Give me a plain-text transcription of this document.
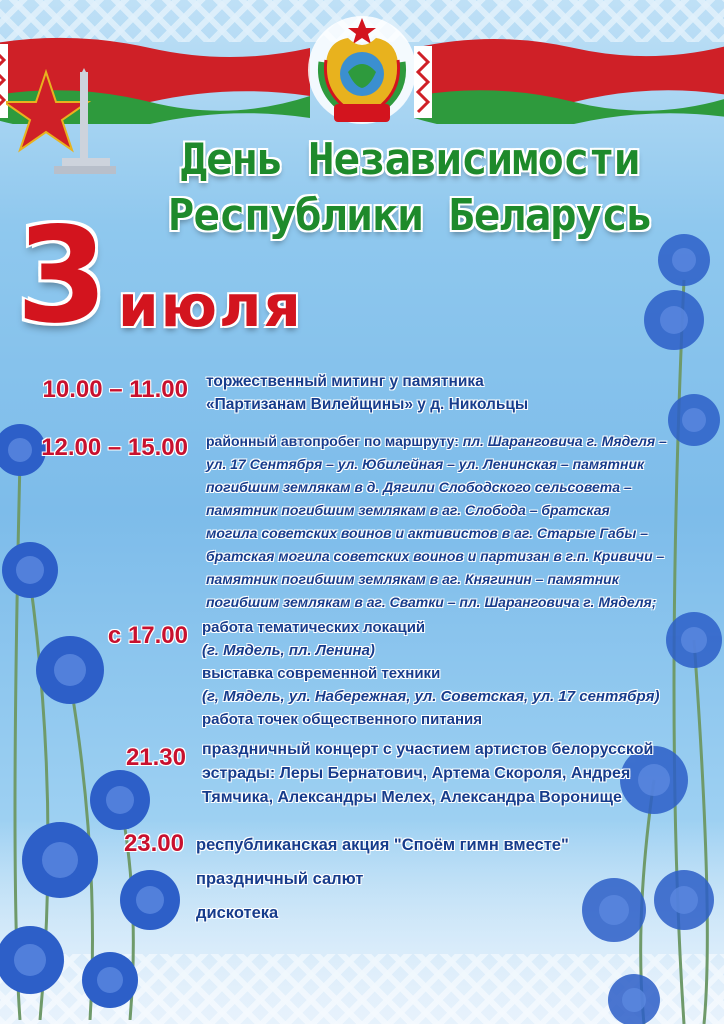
День Независимости
Республики Беларусь
3 июля
10.00 – 11.00 торжественный митинг у памятника

«Партизанам Вилейщины» у д. Никольцы

12.00 – 15.00 районный автопробег по маршруту: пл. Шаранговича г. Мяделя –

ул. 17 Сентября – ул. Юбилейная – ул. Ленинская – памятник

погибшим землякам в д. Дягили Слободского сельсовета –

памятник погибшим землякам в аг. Слобода – братская

могила советских воинов и активистов в аг. Старые Габы –

братская могила советских воинов и партизан в г.п. Кривичи –

памятник погибшим землякам в аг. Княгинин – памятник

погибшим землякам в аг. Сватки – пл. Шаранговича г. Мяделя;

с 17.00 работа тематических локаций

(г. Мядель, пл. Ленина)

выставка современной техники

(г, Мядель, ул. Набережная, ул. Советская, ул. 17 сентября)

работа точек общественного питания

21.30 праздничный концерт с участием артистов белорусской

эстрады: Леры Бернатович, Артема Скороля, Андрея

Тямчика, Александры Мелех, Александра Воронище

23.00 республиканская акция "Споём гимн вместе"

праздничный салют

дискотека
